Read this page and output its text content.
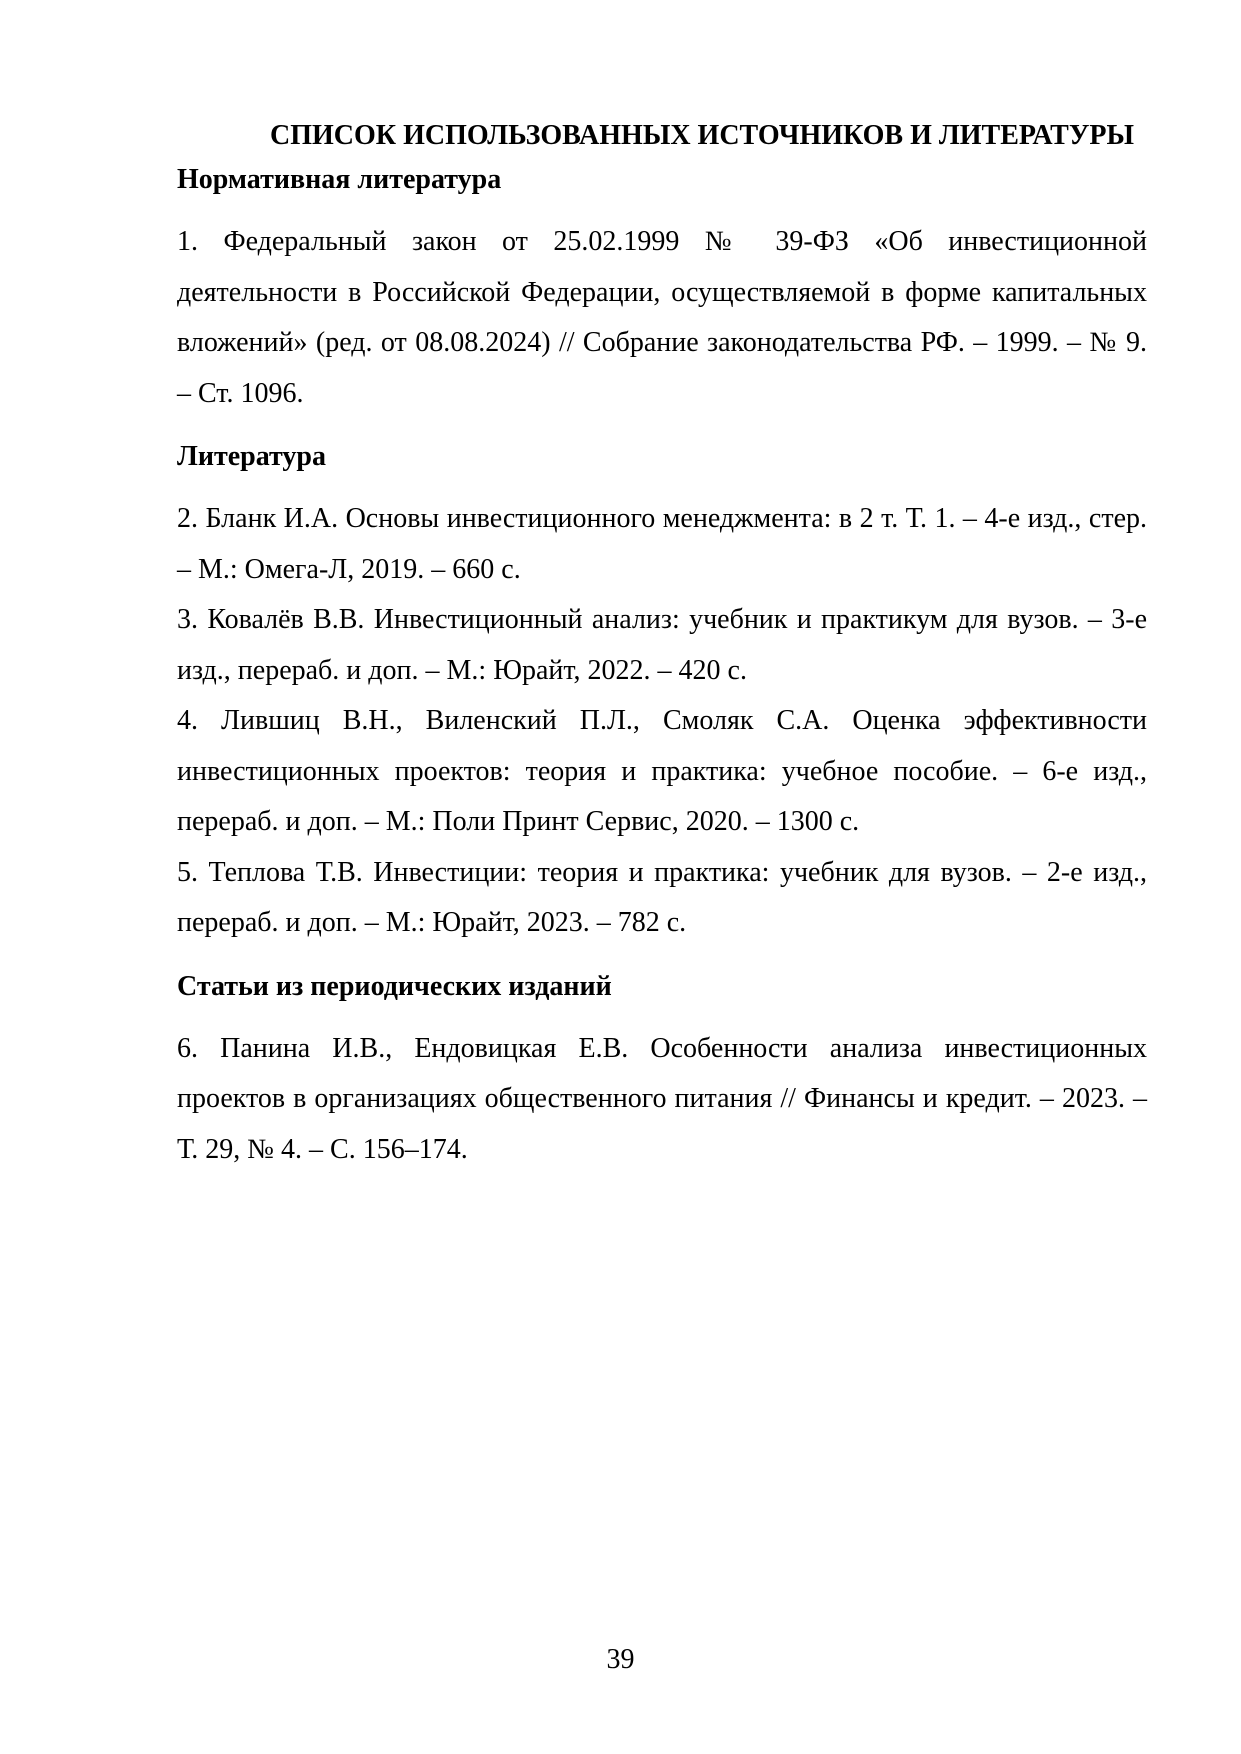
СПИСОК ИСПОЛЬЗОВАННЫХ ИСТОЧНИКОВ И ЛИТЕРАТУРЫ
Нормативная литература

1. Федеральный закон от 25.02.1999 № 39-ФЗ «Об инвестиционной деятельности в Российской Федерации, осуществляемой в форме капитальных вложений» (ред. от 08.08.2024) // Собрание законодательства РФ. – 1999. – № 9. – Ст. 1096.

Литература

2. Бланк И.А. Основы инвестиционного менеджмента: в 2 т. Т. 1. – 4-е изд., стер. – М.: Омега-Л, 2019. – 660 с.

3. Ковалёв В.В. Инвестиционный анализ: учебник и практикум для вузов. – 3-е изд., перераб. и доп. – М.: Юрайт, 2022. – 420 с.

4. Лившиц В.Н., Виленский П.Л., Смоляк С.А. Оценка эффективности инвестиционных проектов: теория и практика: учебное пособие. – 6-е изд., перераб. и доп. – М.: Поли Принт Сервис, 2020. – 1300 с.

5. Теплова Т.В. Инвестиции: теория и практика: учебник для вузов. – 2-е изд., перераб. и доп. – М.: Юрайт, 2023. – 782 с.

Статьи из периодических изданий

6. Панина И.В., Ендовицкая Е.В. Особенности анализа инвестиционных проектов в организациях общественного питания // Финансы и кредит. – 2023. – Т. 29, № 4. – С. 156–174.

39
